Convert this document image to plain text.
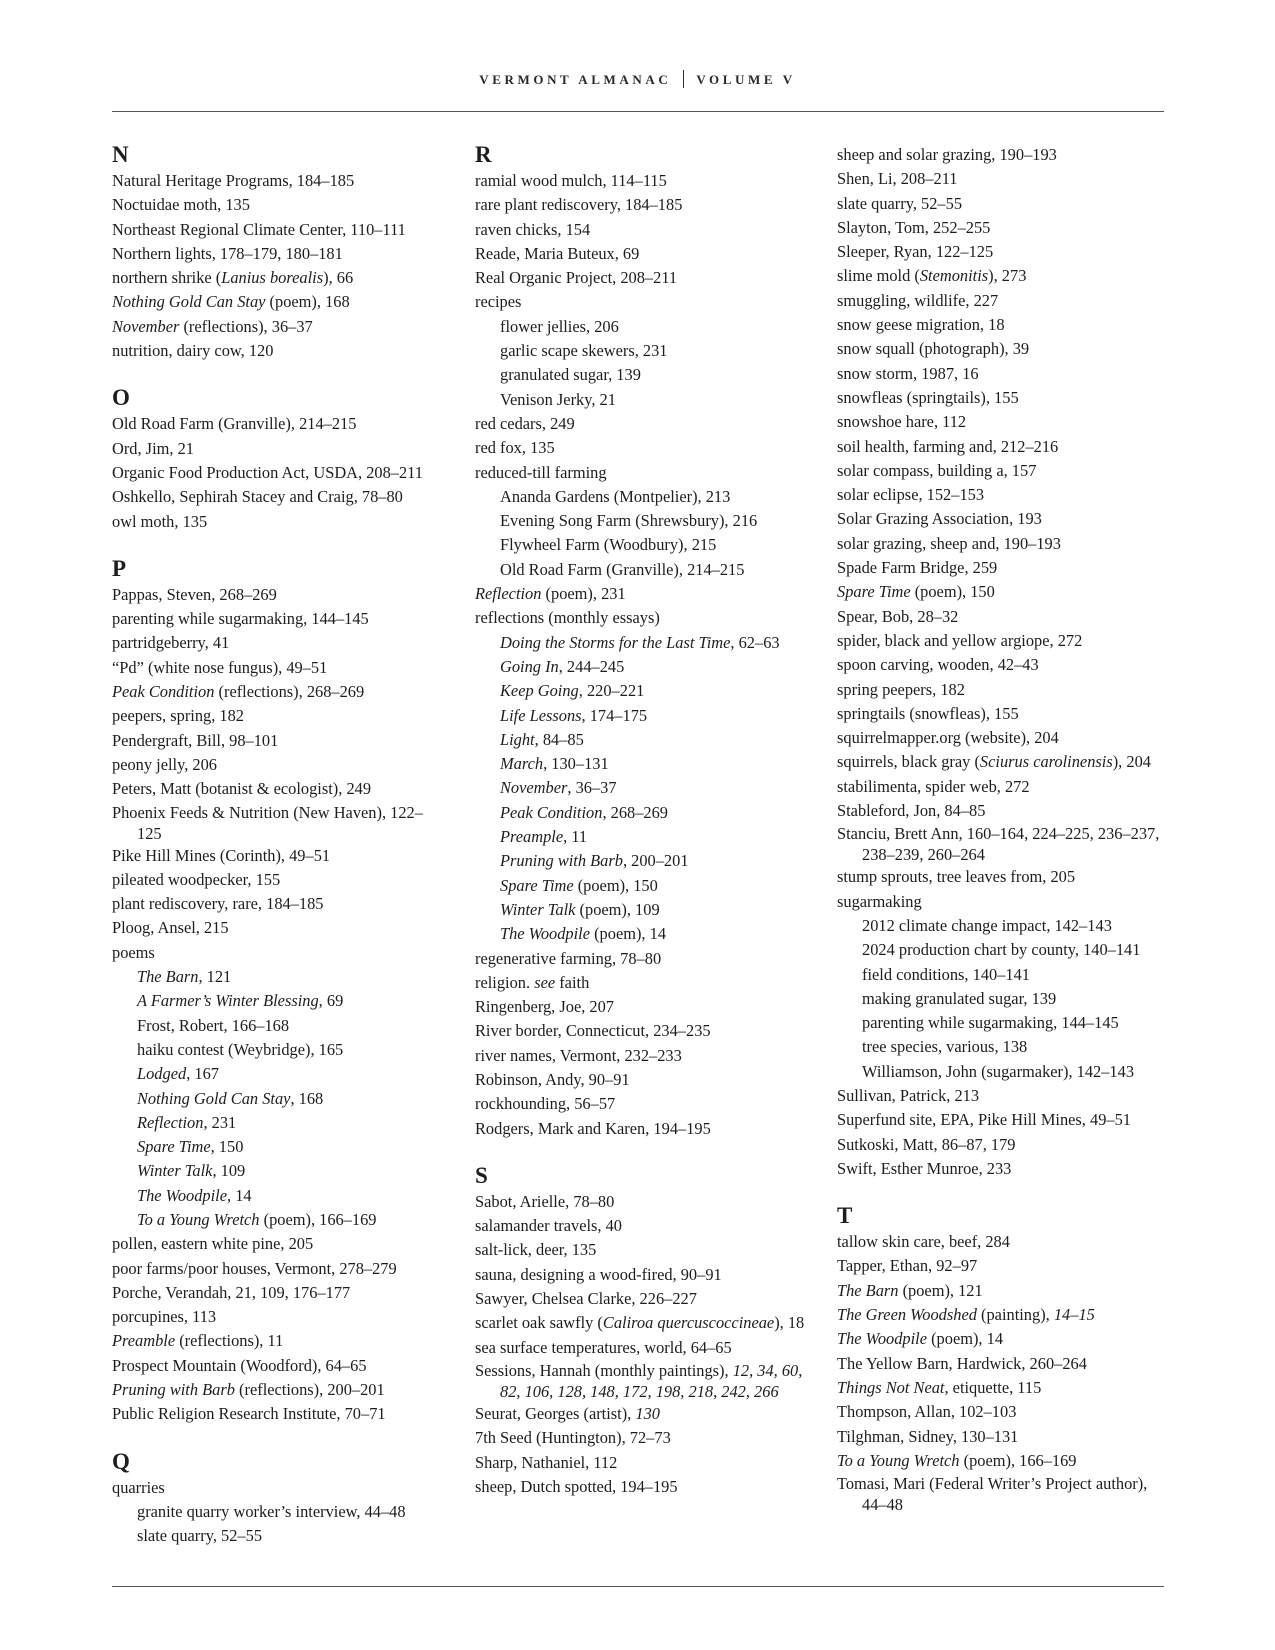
VERMONT ALMANAC VOLUME V
N
Natural Heritage Programs, 184–185
Noctuidae moth, 135
Northeast Regional Climate Center, 110–111
Northern lights, 178–179, 180–181
northern shrike (Lanius borealis), 66
Nothing Gold Can Stay (poem), 168
November (reflections), 36–37
nutrition, dairy cow, 120
O
Old Road Farm (Granville), 214–215
Ord, Jim, 21
Organic Food Production Act, USDA, 208–211
Oshkello, Sephirah Stacey and Craig, 78–80
owl moth, 135
P
Pappas, Steven, 268–269
parenting while sugarmaking, 144–145
partridgeberry, 41
“Pd” (white nose fungus), 49–51
Peak Condition (reflections), 268–269
peepers, spring, 182
Pendergraft, Bill, 98–101
peony jelly, 206
Peters, Matt (botanist & ecologist), 249
Phoenix Feeds & Nutrition (New Haven), 122–125
Pike Hill Mines (Corinth), 49–51
pileated woodpecker, 155
plant rediscovery, rare, 184–185
Ploog, Ansel, 215
poems
The Barn, 121
A Farmer’s Winter Blessing, 69
Frost, Robert, 166–168
haiku contest (Weybridge), 165
Lodged, 167
Nothing Gold Can Stay, 168
Reflection, 231
Spare Time, 150
Winter Talk, 109
The Woodpile, 14
To a Young Wretch (poem), 166–169
pollen, eastern white pine, 205
poor farms/poor houses, Vermont, 278–279
Porche, Verandah, 21, 109, 176–177
porcupines, 113
Preamble (reflections), 11
Prospect Mountain (Woodford), 64–65
Pruning with Barb (reflections), 200–201
Public Religion Research Institute, 70–71
Q
quarries
granite quarry worker’s interview, 44–48
slate quarry, 52–55
R
ramial wood mulch, 114–115
rare plant rediscovery, 184–185
raven chicks, 154
Reade, Maria Buteux, 69
Real Organic Project, 208–211
recipes
flower jellies, 206
garlic scape skewers, 231
granulated sugar, 139
Venison Jerky, 21
red cedars, 249
red fox, 135
reduced-till farming
Ananda Gardens (Montpelier), 213
Evening Song Farm (Shrewsbury), 216
Flywheel Farm (Woodbury), 215
Old Road Farm (Granville), 214–215
Reflection (poem), 231
reflections (monthly essays)
Doing the Storms for the Last Time, 62–63
Going In, 244–245
Keep Going, 220–221
Life Lessons, 174–175
Light, 84–85
March, 130–131
November, 36–37
Peak Condition, 268–269
Preample, 11
Pruning with Barb, 200–201
Spare Time (poem), 150
Winter Talk (poem), 109
The Woodpile (poem), 14
regenerative farming, 78–80
religion. see faith
Ringenberg, Joe, 207
River border, Connecticut, 234–235
river names, Vermont, 232–233
Robinson, Andy, 90–91
rockhounding, 56–57
Rodgers, Mark and Karen, 194–195
S
Sabot, Arielle, 78–80
salamander travels, 40
salt-lick, deer, 135
sauna, designing a wood-fired, 90–91
Sawyer, Chelsea Clarke, 226–227
scarlet oak sawfly (Caliroa quercuscoccineae), 18
sea surface temperatures, world, 64–65
Sessions, Hannah (monthly paintings), 12, 34, 60, 82, 106, 128, 148, 172, 198, 218, 242, 266
Seurat, Georges (artist), 130
7th Seed (Huntington), 72–73
Sharp, Nathaniel, 112
sheep, Dutch spotted, 194–195
sheep and solar grazing, 190–193
Shen, Li, 208–211
slate quarry, 52–55
Slayton, Tom, 252–255
Sleeper, Ryan, 122–125
slime mold (Stemonitis), 273
smuggling, wildlife, 227
snow geese migration, 18
snow squall (photograph), 39
snow storm, 1987, 16
snowfleas (springtails), 155
snowshoe hare, 112
soil health, farming and, 212–216
solar compass, building a, 157
solar eclipse, 152–153
Solar Grazing Association, 193
solar grazing, sheep and, 190–193
Spade Farm Bridge, 259
Spare Time (poem), 150
Spear, Bob, 28–32
spider, black and yellow argiope, 272
spoon carving, wooden, 42–43
spring peepers, 182
springtails (snowfleas), 155
squirrelmapper.org (website), 204
squirrels, black gray (Sciurus carolinensis), 204
stabilimenta, spider web, 272
Stableford, Jon, 84–85
Stanciu, Brett Ann, 160–164, 224–225, 236–237, 238–239, 260–264
stump sprouts, tree leaves from, 205
sugarmaking
2012 climate change impact, 142–143
2024 production chart by county, 140–141
field conditions, 140–141
making granulated sugar, 139
parenting while sugarmaking, 144–145
tree species, various, 138
Williamson, John (sugarmaker), 142–143
Sullivan, Patrick, 213
Superfund site, EPA, Pike Hill Mines, 49–51
Sutkoski, Matt, 86–87, 179
Swift, Esther Munroe, 233
T
tallow skin care, beef, 284
Tapper, Ethan, 92–97
The Barn (poem), 121
The Green Woodshed (painting), 14–15
The Woodpile (poem), 14
The Yellow Barn, Hardwick, 260–264
Things Not Neat, etiquette, 115
Thompson, Allan, 102–103
Tilghman, Sidney, 130–131
To a Young Wretch (poem), 166–169
Tomasi, Mari (Federal Writer’s Project author), 44–48
